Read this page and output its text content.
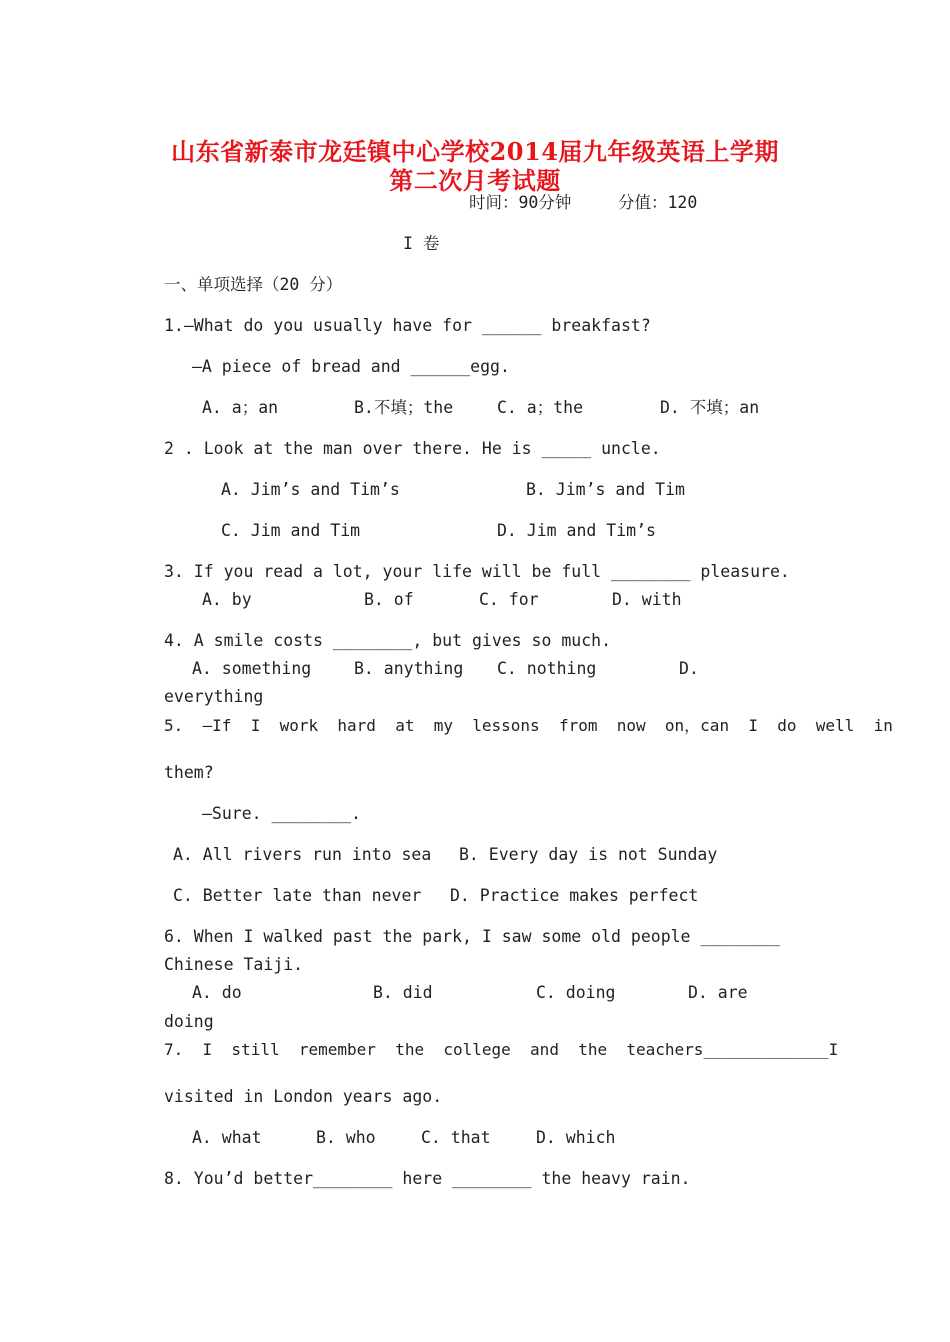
山东省新泰市龙廷镇中心学校2014届九年级英语上学期
第二次月考试题
时间：90分钟	分值：120
I 卷
一、单项选择（20 分）
1.—What do you usually have for ______ breakfast?
—A piece of bread and ______egg.
A. a；an	B.不填；the	C. a；the	D. 不填；an
2 . Look at the man over there. He is _____ uncle.
A. Jim’s and Tim’s	B. Jim’s and Tim
C. Jim and Tim	D. Jim and Tim’s
3. If you read a lot, your life will be full ________ pleasure.
A. by	B. of	C. for	D. with
4. A smile costs ________, but gives so much.
A. something	B. anything C. nothing	D.
everything
5.  —If  I  work  hard  at  my  lessons  from  now  on，can  I  do  well  in
them?
—Sure. ________.
A. All rivers run into sea B. Every day is not Sunday
C. Better late than never D. Practice makes perfect
6. When I walked past the park, I saw some old people ________
Chinese Taiji.
A. do	B. did	C. doing	D. are
doing
7.  I  still  remember  the  college  and  the  teachers_____________I
visited in London years ago.
A. what	B. who	C. that	D. which
8. You’d better________ here ________ the heavy rain.
